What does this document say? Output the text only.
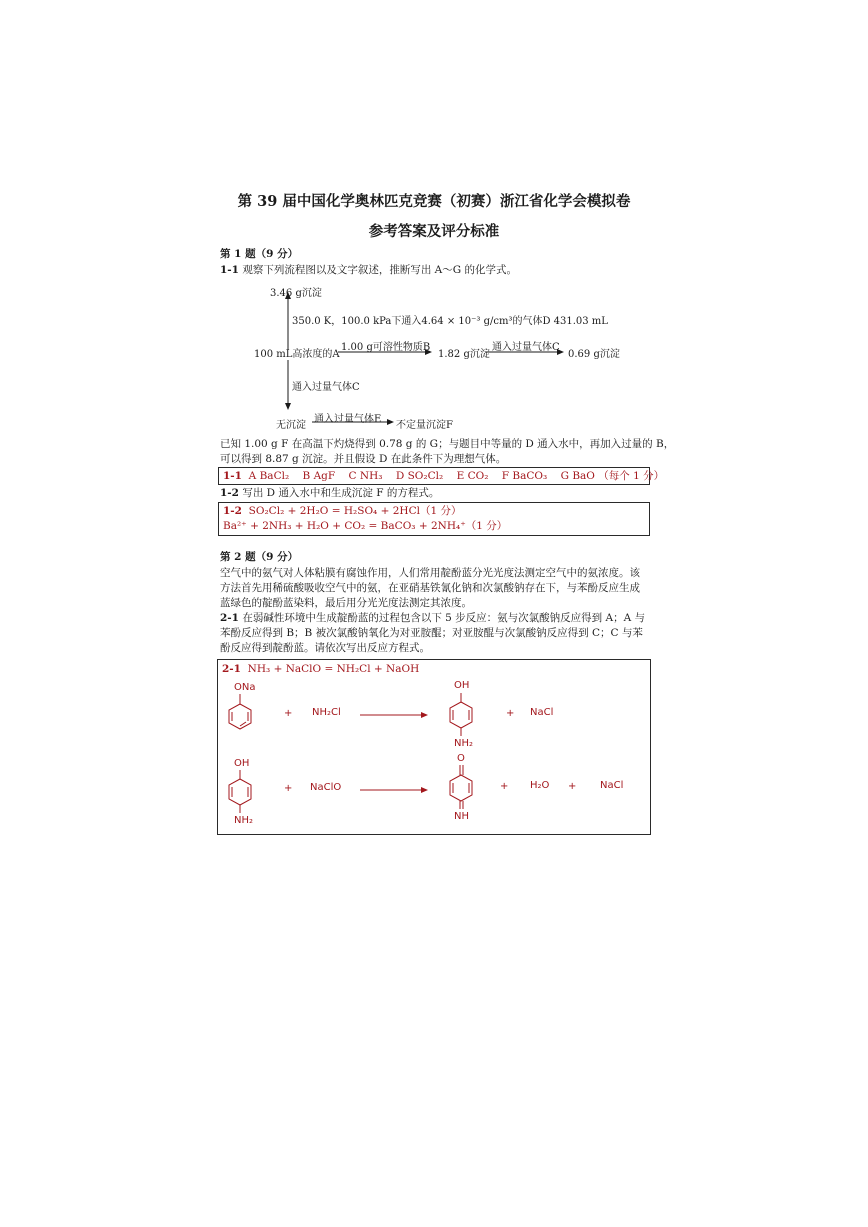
第 39 届中国化学奥林匹克竞赛（初赛）浙江省化学会模拟卷
参考答案及评分标准
第 1 题（9 分）
1-1 观察下列流程图以及文字叙述，推断写出 A～G 的化学式。
3.46 g沉淀
350.0 K，100.0 kPa下通入4.64 × 10⁻³ g/cm³的气体D 431.03 mL
100 mL高浓度的A
1.00 g可溶性物质B
1.82 g沉淀
通入过量气体C
0.69 g沉淀
通入过量气体C
无沉淀
通入过量气体E
不定量沉淀F
已知 1.00 g F 在高温下灼烧得到 0.78 g 的 G；与题目中等量的 D 通入水中，再加入过量的 B，
可以得到 8.87 g 沉淀。并且假设 D 在此条件下为理想气体。
1-1 A BaCl₂ B AgF C NH₃ D SO₂Cl₂ E CO₂ F BaCO₃ G BaO （每个 1 分）
1-2 写出 D 通入水中和生成沉淀 F 的方程式。
1-2 SO₂Cl₂ + 2H₂O = H₂SO₄ + 2HCl（1 分）
Ba²⁺ + 2NH₃ + H₂O + CO₂ = BaCO₃ + 2NH₄⁺（1 分）
第 2 题（9 分）
空气中的氨气对人体粘膜有腐蚀作用，人们常用靛酚蓝分光光度法测定空气中的氨浓度。该
方法首先用稀硫酸吸收空气中的氨，在亚硝基铁氰化钠和次氯酸钠存在下，与苯酚反应生成
蓝绿色的靛酚蓝染料，最后用分光光度法测定其浓度。
2-1 在弱碱性环境中生成靛酚蓝的过程包含以下 5 步反应：氨与次氯酸钠反应得到 A；A 与
苯酚反应得到 B；B 被次氯酸钠氧化为对亚胺醌；对亚胺醌与次氯酸钠反应得到 C；C 与苯
酚反应得到靛酚蓝。请依次写出反应方程式。
2-1 NH₃ + NaClO = NH₂Cl + NaOH
ONa
+ NH₂Cl
OH
NH₂
+ NaCl
OH
NH₂
+ NaClO
O
NH
+ H₂O + NaCl
